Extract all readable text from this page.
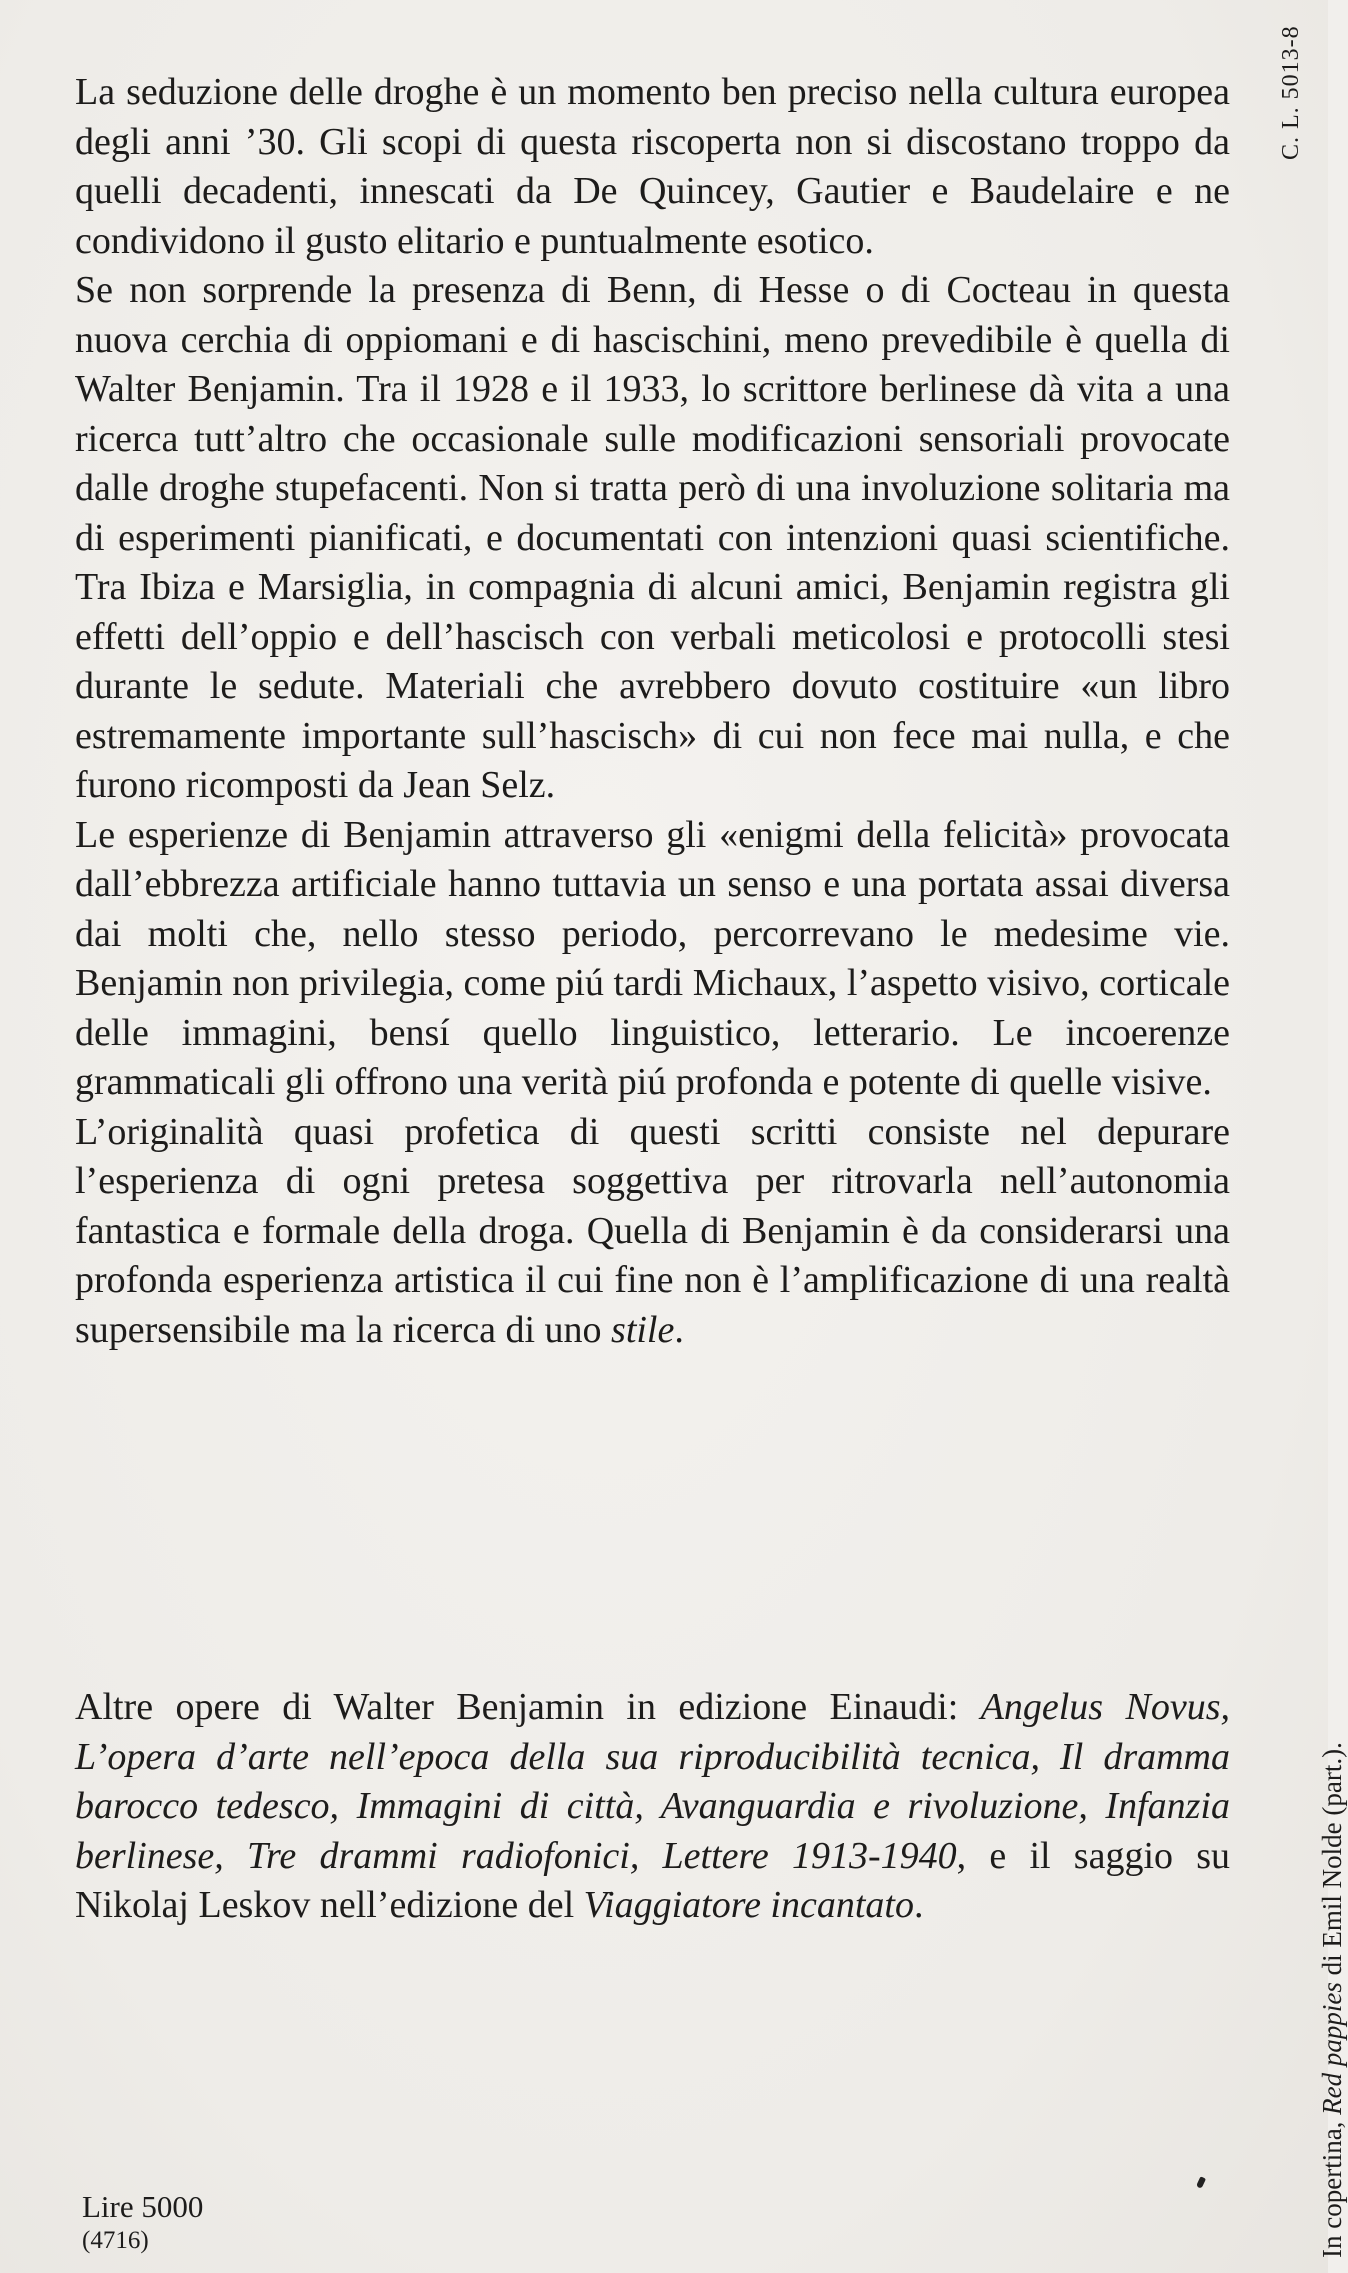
La seduzione delle droghe è un momento ben preciso nella cultura europea degli anni ’30. Gli scopi di questa riscoperta non si discostano troppo da quelli decadenti, innescati da De Quincey, Gautier e Baudelaire e ne condividono il gusto elitario e puntualmente esotico.

Se non sorprende la presenza di Benn, di Hesse o di Cocteau in questa nuova cerchia di oppiomani e di hascischini, meno prevedibile è quella di Walter Benjamin. Tra il 1928 e il 1933, lo scrittore berlinese dà vita a una ricerca tutt’altro che occasionale sulle modificazioni sensoriali provocate dalle droghe stupefacenti. Non si tratta però di una involuzione solitaria ma di esperimenti pianificati, e documentati con intenzioni quasi scientifiche. Tra Ibiza e Marsiglia, in compagnia di alcuni amici, Benjamin registra gli effetti dell’oppio e dell’hascisch con verbali meticolosi e protocolli stesi durante le sedute. Materiali che avrebbero dovuto costituire «un libro estremamente importante sull’hascisch» di cui non fece mai nulla, e che furono ricomposti da Jean Selz.

Le esperienze di Benjamin attraverso gli «enigmi della felicità» provocata dall’ebbrezza artificiale hanno tuttavia un senso e una portata assai diversa dai molti che, nello stesso periodo, percorrevano le medesime vie. Benjamin non privilegia, come piú tardi Michaux, l’aspetto visivo, corticale delle immagini, bensí quello linguistico, letterario. Le incoerenze grammaticali gli offrono una verità piú profonda e potente di quelle visive.

L’originalità quasi profetica di questi scritti consiste nel depurare l’esperienza di ogni pretesa soggettiva per ritrovarla nell’autonomia fantastica e formale della droga. Quella di Benjamin è da considerarsi una profonda esperienza artistica il cui fine non è l’amplificazione di una realtà supersensibile ma la ricerca di uno stile.

Altre opere di Walter Benjamin in edizione Einaudi: Angelus Novus, L’opera d’arte nell’epoca della sua riproducibilità tecnica, Il dramma barocco tedesco, Immagini di città, Avanguardia e rivoluzione, Infanzia berlinese, Tre drammi radiofonici, Lettere 1913-1940, e il saggio su Nikolaj Leskov nell’edizione del Viaggiatore incantato.

Lire 5000
(4716)
C. L. 5013-8
In copertina, Red pappies di Emil Nolde (part.).
